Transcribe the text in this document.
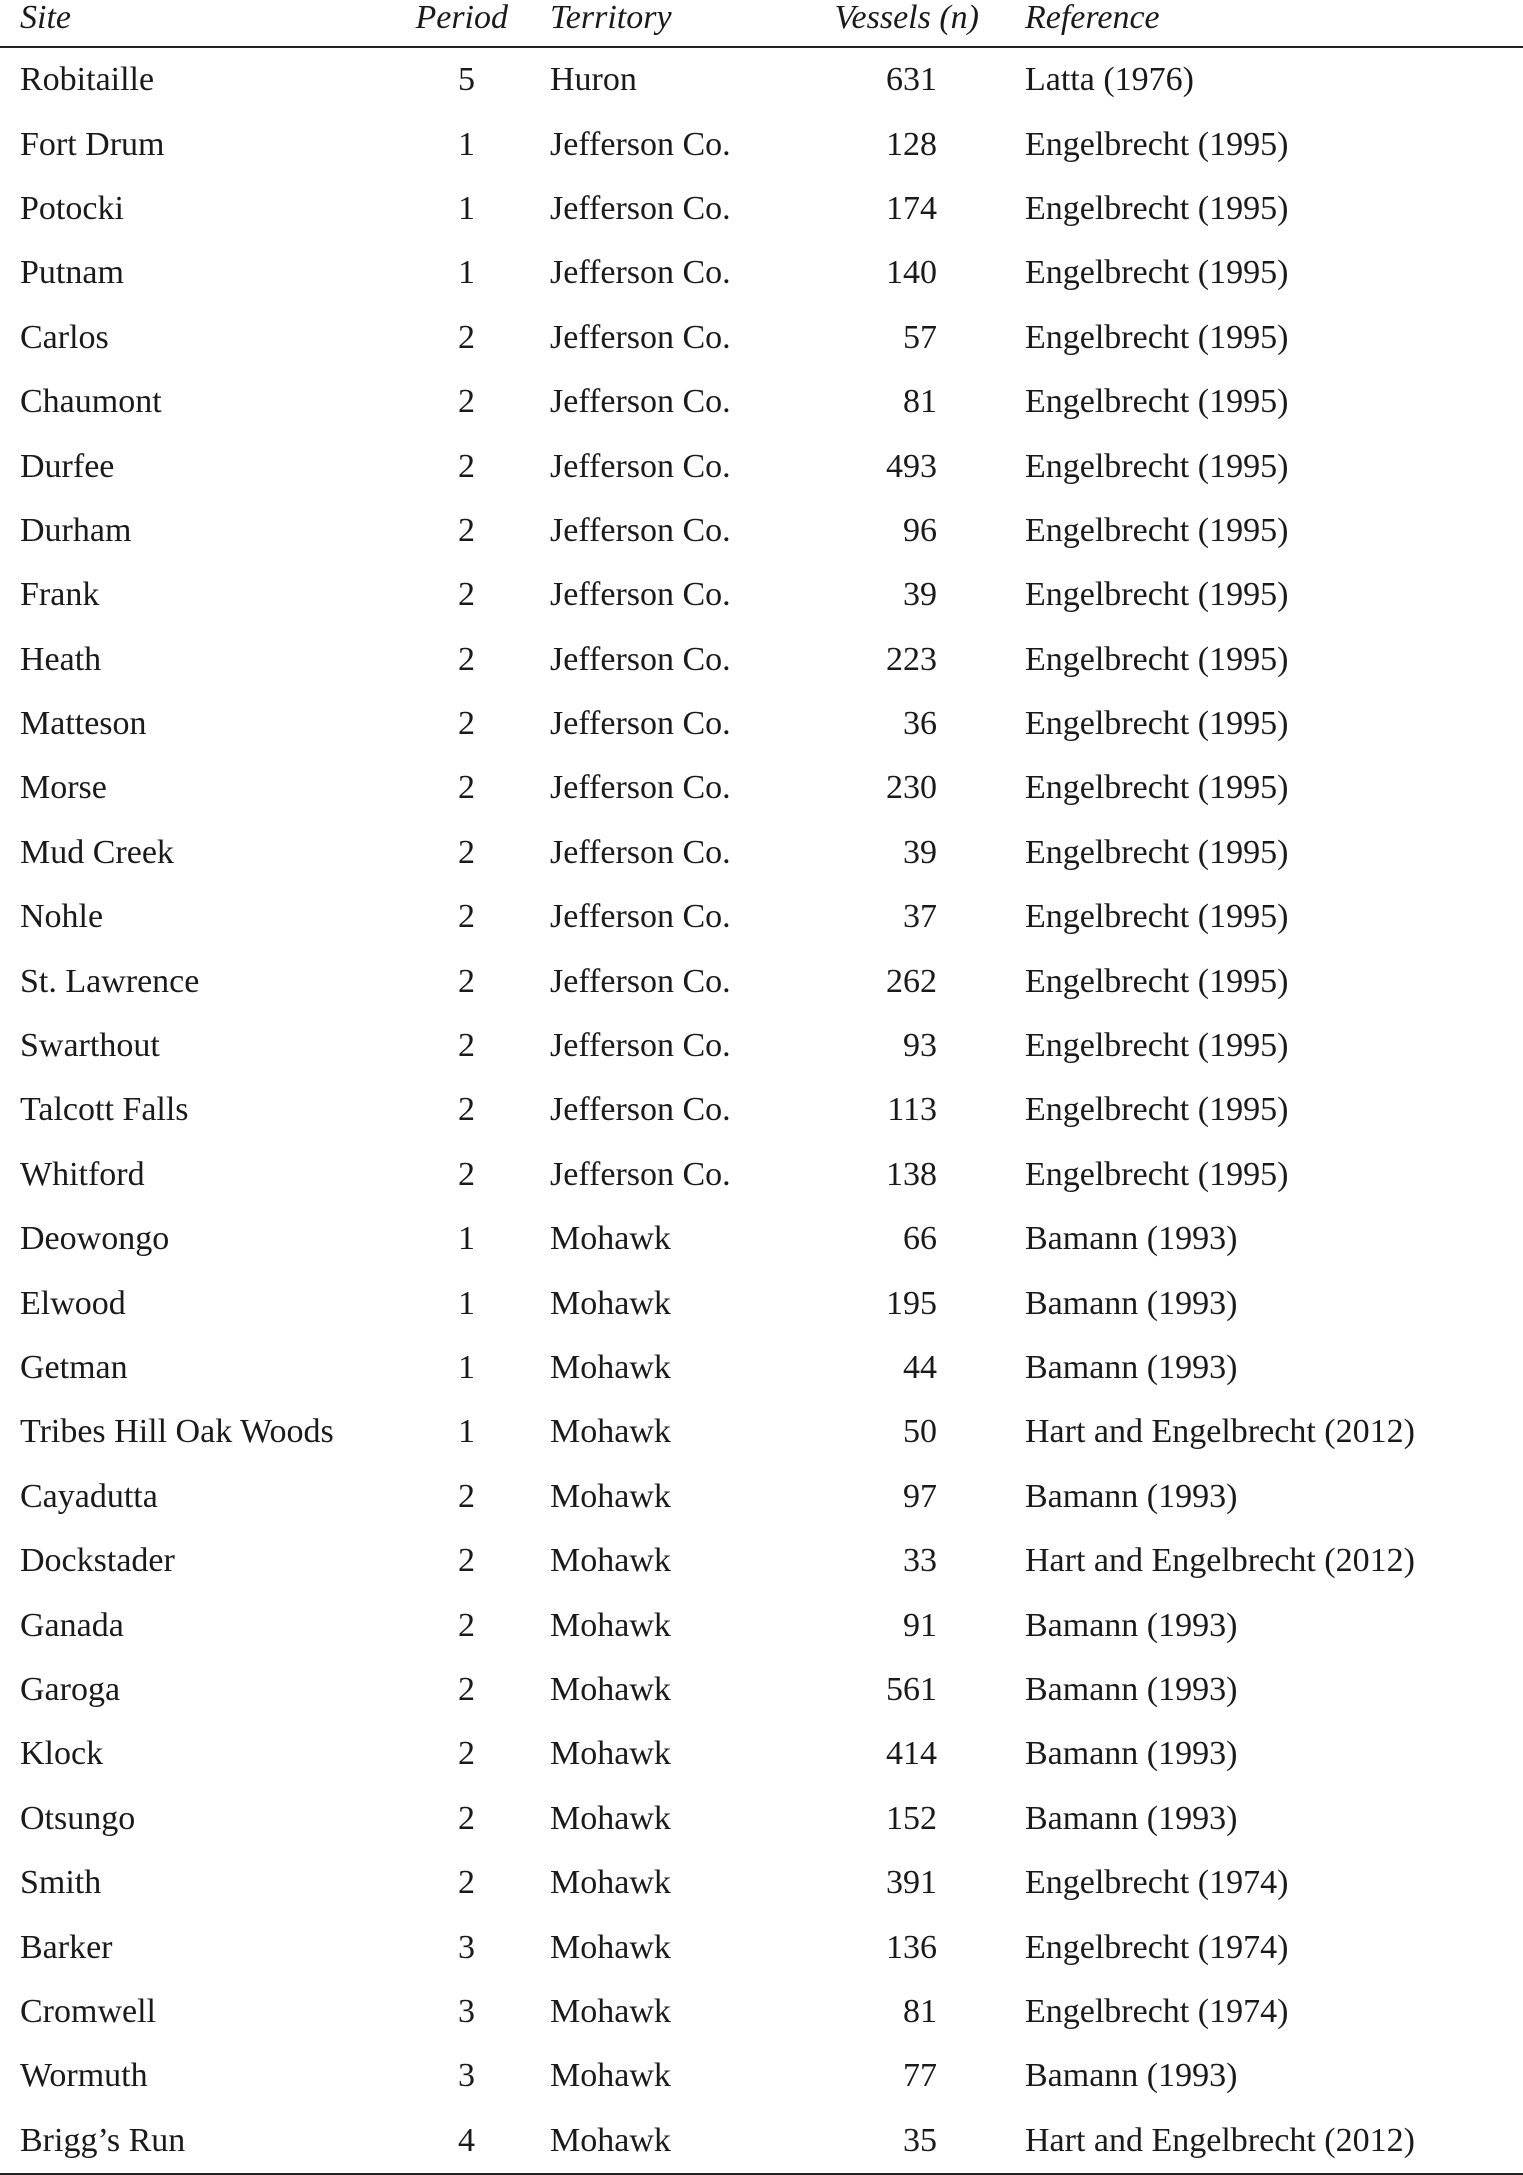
Site	Period	Territory	Vessels (n)	Reference
Robitaille	5	Huron	631	Latta (1976)
Fort Drum	1	Jefferson Co.	128	Engelbrecht (1995)
Potocki	1	Jefferson Co.	174	Engelbrecht (1995)
Putnam	1	Jefferson Co.	140	Engelbrecht (1995)
Carlos	2	Jefferson Co.	57	Engelbrecht (1995)
Chaumont	2	Jefferson Co.	81	Engelbrecht (1995)
Durfee	2	Jefferson Co.	493	Engelbrecht (1995)
Durham	2	Jefferson Co.	96	Engelbrecht (1995)
Frank	2	Jefferson Co.	39	Engelbrecht (1995)
Heath	2	Jefferson Co.	223	Engelbrecht (1995)
Matteson	2	Jefferson Co.	36	Engelbrecht (1995)
Morse	2	Jefferson Co.	230	Engelbrecht (1995)
Mud Creek	2	Jefferson Co.	39	Engelbrecht (1995)
Nohle	2	Jefferson Co.	37	Engelbrecht (1995)
St. Lawrence	2	Jefferson Co.	262	Engelbrecht (1995)
Swarthout	2	Jefferson Co.	93	Engelbrecht (1995)
Talcott Falls	2	Jefferson Co.	113	Engelbrecht (1995)
Whitford	2	Jefferson Co.	138	Engelbrecht (1995)
Deowongo	1	Mohawk	66	Bamann (1993)
Elwood	1	Mohawk	195	Bamann (1993)
Getman	1	Mohawk	44	Bamann (1993)
Tribes Hill Oak Woods	1	Mohawk	50	Hart and Engelbrecht (2012)
Cayadutta	2	Mohawk	97	Bamann (1993)
Dockstader	2	Mohawk	33	Hart and Engelbrecht (2012)
Ganada	2	Mohawk	91	Bamann (1993)
Garoga	2	Mohawk	561	Bamann (1993)
Klock	2	Mohawk	414	Bamann (1993)
Otsungo	2	Mohawk	152	Bamann (1993)
Smith	2	Mohawk	391	Engelbrecht (1974)
Barker	3	Mohawk	136	Engelbrecht (1974)
Cromwell	3	Mohawk	81	Engelbrecht (1974)
Wormuth	3	Mohawk	77	Bamann (1993)
Brigg’s Run	4	Mohawk	35	Hart and Engelbrecht (2012)
